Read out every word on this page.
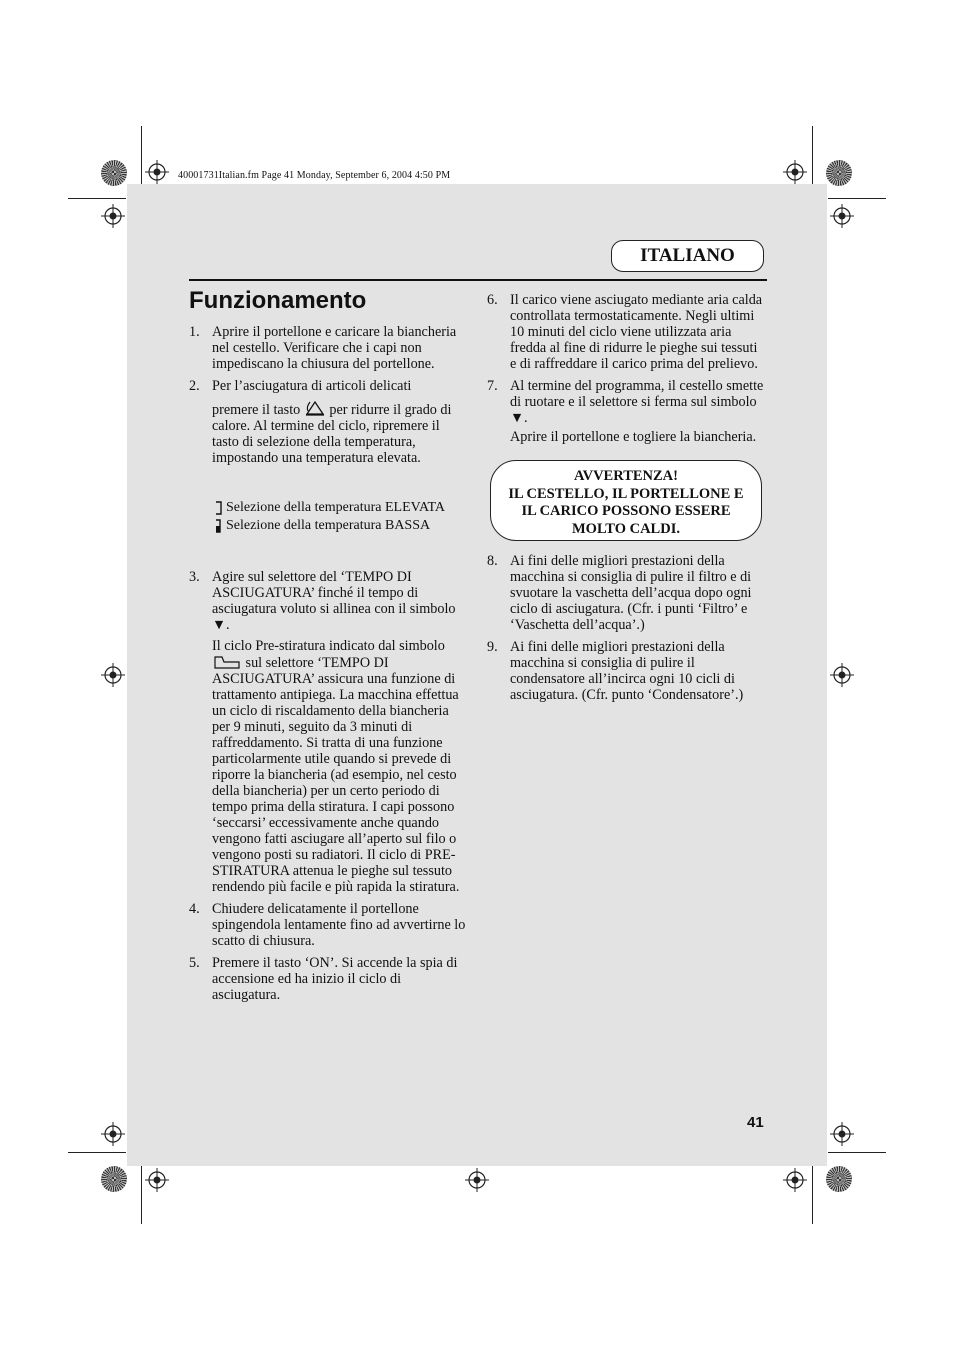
40001731Italian.fm Page 41 Monday, September 6, 2004 4:50 PM
ITALIANO
Funzionamento
1. Aprire il portellone e caricare la biancheria nel cestello. Verificare che i capi non impediscano la chiusura del portellone.

2. Per l’asciugatura di articoli delicati

premere il tasto per ridurre il grado di calore. Al termine del ciclo, ripremere il tasto di selezione della temperatura, impostando una temperatura elevata.

Selezione della temperatura ELEVATA
Selezione della temperatura BASSA
3. Agire sul selettore del ‘TEMPO DI ASCIUGATURA’ finché il tempo di asciugatura voluto si allinea con il simbolo ▼.

Il ciclo Pre-stiratura indicato dal simbolo  sul selettore ‘TEMPO DI ASCIUGATURA’ assicura una funzione di trattamento antipiega. La macchina effettua un ciclo di riscaldamento della biancheria per 9 minuti, seguito da 3 minuti di raffreddamento. Si tratta di una funzione particolarmente utile quando si prevede di riporre la biancheria (ad esempio, nel cesto della biancheria) per un certo periodo di tempo prima della stiratura. I capi possono ‘seccarsi’ eccessivamente anche quando vengono fatti asciugare all’aperto sul filo o vengono posti su radiatori. Il ciclo di PRE-STIRATURA attenua le pieghe sul tessuto rendendo più facile e più rapida la stiratura.

4. Chiudere delicatamente il portellone spingendola lentamente fino ad avvertirne lo scatto di chiusura.

5. Premere il tasto ‘ON’. Si accende la spia di accensione ed ha inizio il ciclo di asciugatura.

6. Il carico viene asciugato mediante aria calda controllata termostaticamente. Negli ultimi 10 minuti del ciclo viene utilizzata aria fredda al fine di ridurre le pieghe sui tessuti e di raffreddare il carico prima del prelievo.

7. Al termine del programma, il cestello smette di ruotare e il selettore si ferma sul simbolo ▼.

Aprire il portellone e togliere la biancheria.

AVVERTENZA!
IL CESTELLO, IL PORTELLONE E IL CARICO POSSONO ESSERE MOLTO CALDI.
8. Ai fini delle migliori prestazioni della macchina si consiglia di pulire il filtro e di svuotare la vaschetta dell’acqua dopo ogni ciclo di asciugatura. (Cfr. i punti ‘Filtro’ e ‘Vaschetta dell’acqua’.)

9. Ai fini delle migliori prestazioni della macchina si consiglia di pulire il condensatore all’incirca ogni 10 cicli di asciugatura. (Cfr. punto ‘Condensatore’.)

41
